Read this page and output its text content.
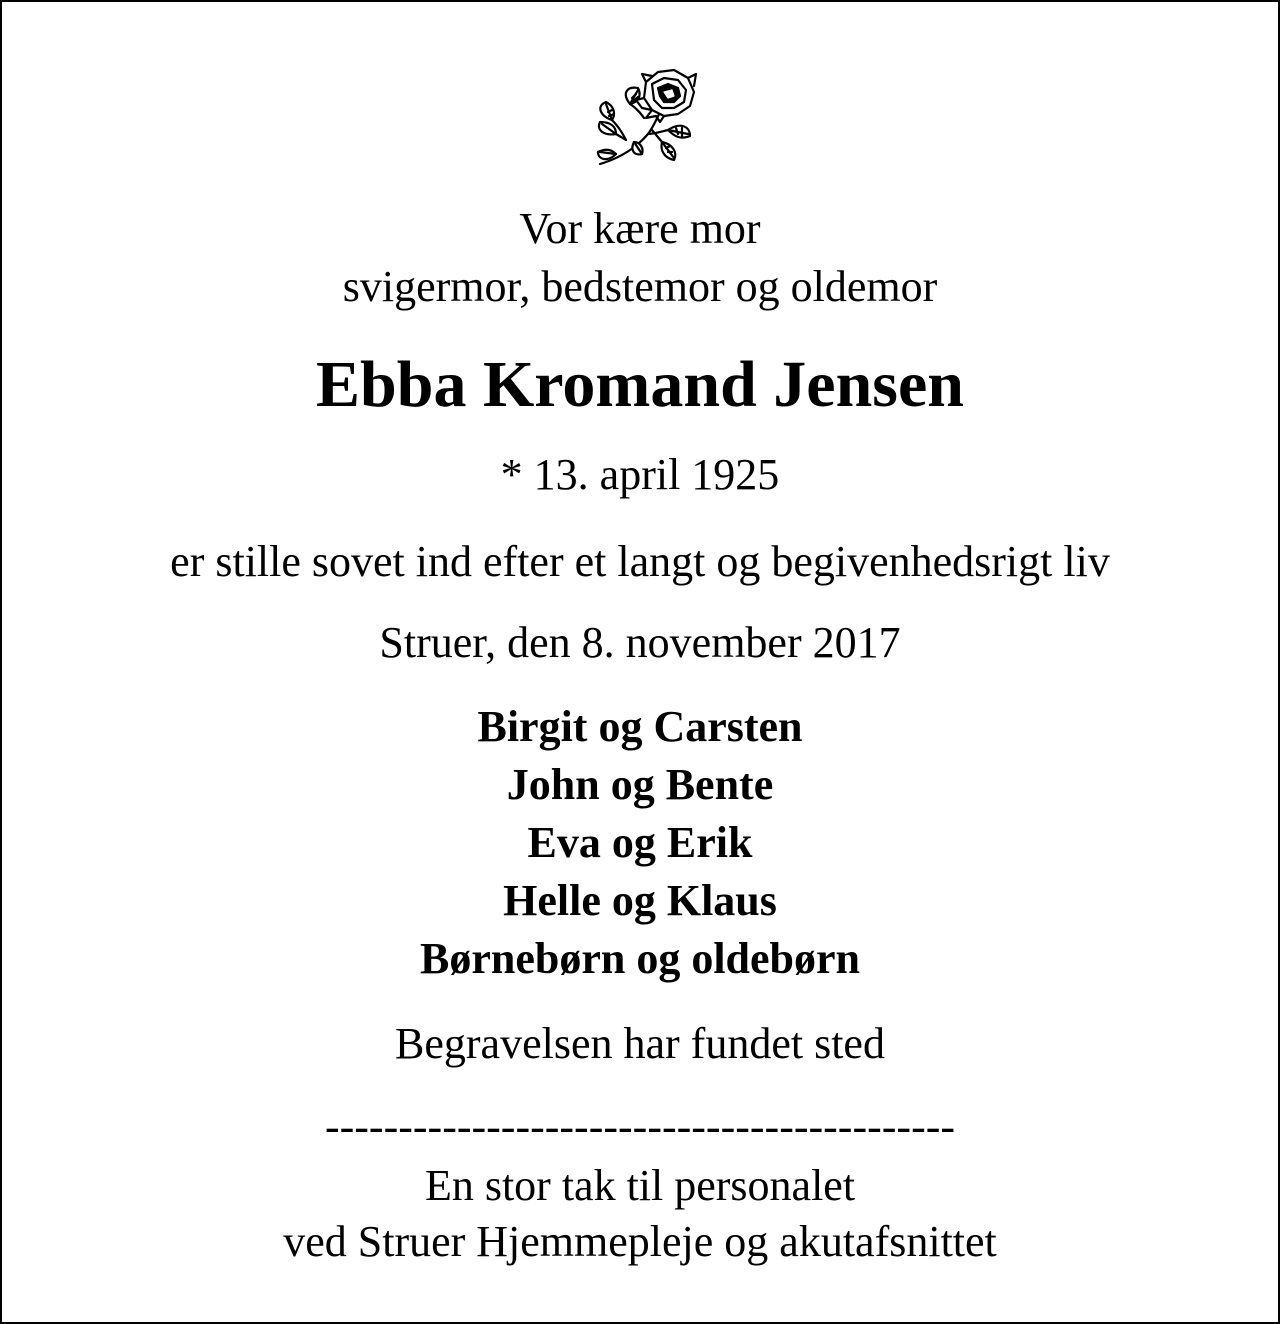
Vor kære mor
svigermor, bedstemor og oldemor
Ebba Kromand Jensen
* 13. april 1925
er stille sovet ind efter et langt og begivenhedsrigt liv
Struer, den 8. november 2017
Birgit og Carsten
John og Bente
Eva og Erik
Helle og Klaus
Børnebørn og oldebørn
Begravelsen har fundet sted
-------------------------------------------
En stor tak til personalet
ved Struer Hjemmepleje og akutafsnittet
